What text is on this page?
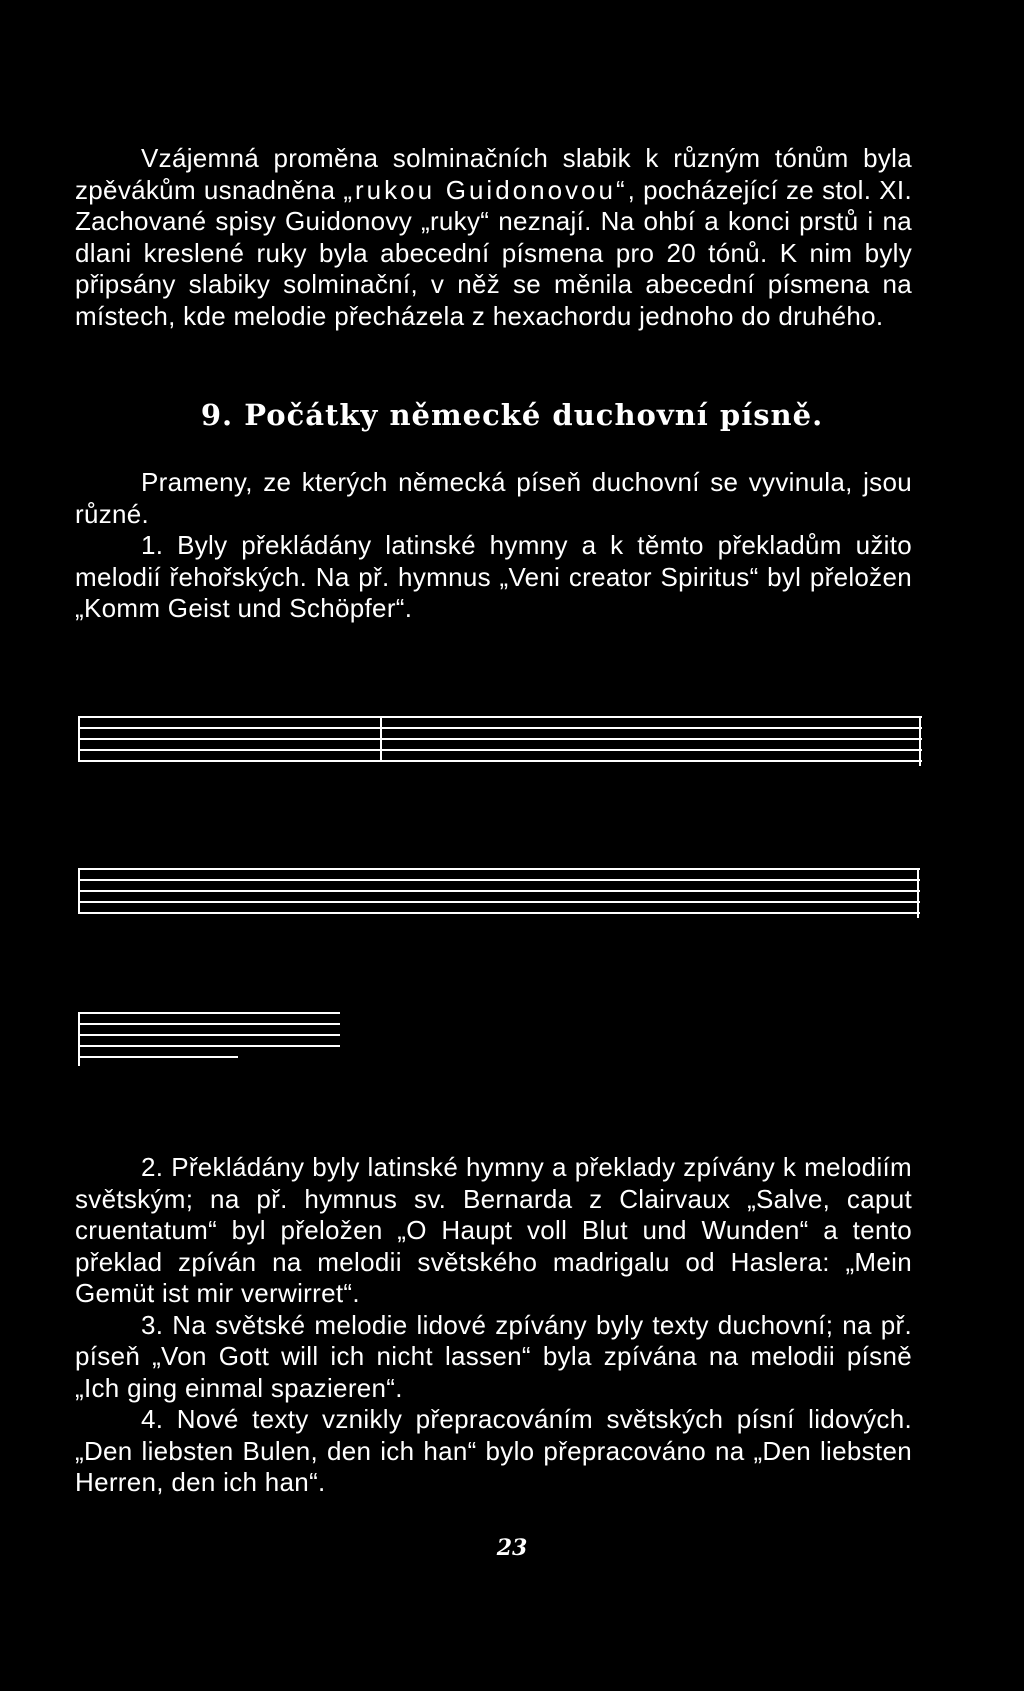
Vzájemná proměna solminačních slabik k různým tónům byla zpěvákům usnadněna „rukou Guidonovou“, pocházející ze stol. XI. Zachované spisy Guidonovy „ruky“ neznají. Na ohbí a konci prstů i na dlani kreslené ruky byla abecední písmena pro 20 tónů. K nim byly připsány slabiky solminační, v něž se měnila abecední písmena na místech, kde melodie přecházela z hexachordu jednoho do druhého.

9. Počátky německé duchovní písně.

Prameny, ze kterých německá píseň duchovní se vyvinula, jsou různé.

1. Byly překládány latinské hymny a k těmto překladům užito melodií řehořských. Na př. hymnus „Veni creator Spiritus“ byl přeložen „Komm Geist und Schöpfer“.

2. Překládány byly latinské hymny a překlady zpívány k melodiím světským; na př. hymnus sv. Bernarda z Clairvaux „Salve, caput cruentatum“ byl přeložen „O Haupt voll Blut und Wunden“ a tento překlad zpíván na melodii světského madrigalu od Haslera: „Mein Gemüt ist mir verwirret“.

3. Na světské melodie lidové zpívány byly texty duchovní; na př. píseň „Von Gott will ich nicht lassen“ byla zpívána na melodii písně „Ich ging einmal spazieren“.

4. Nové texty vznikly přepracováním světských písní lidových. „Den liebsten Bulen, den ich han“ bylo přepracováno na „Den liebsten Herren, den ich han“.

23
